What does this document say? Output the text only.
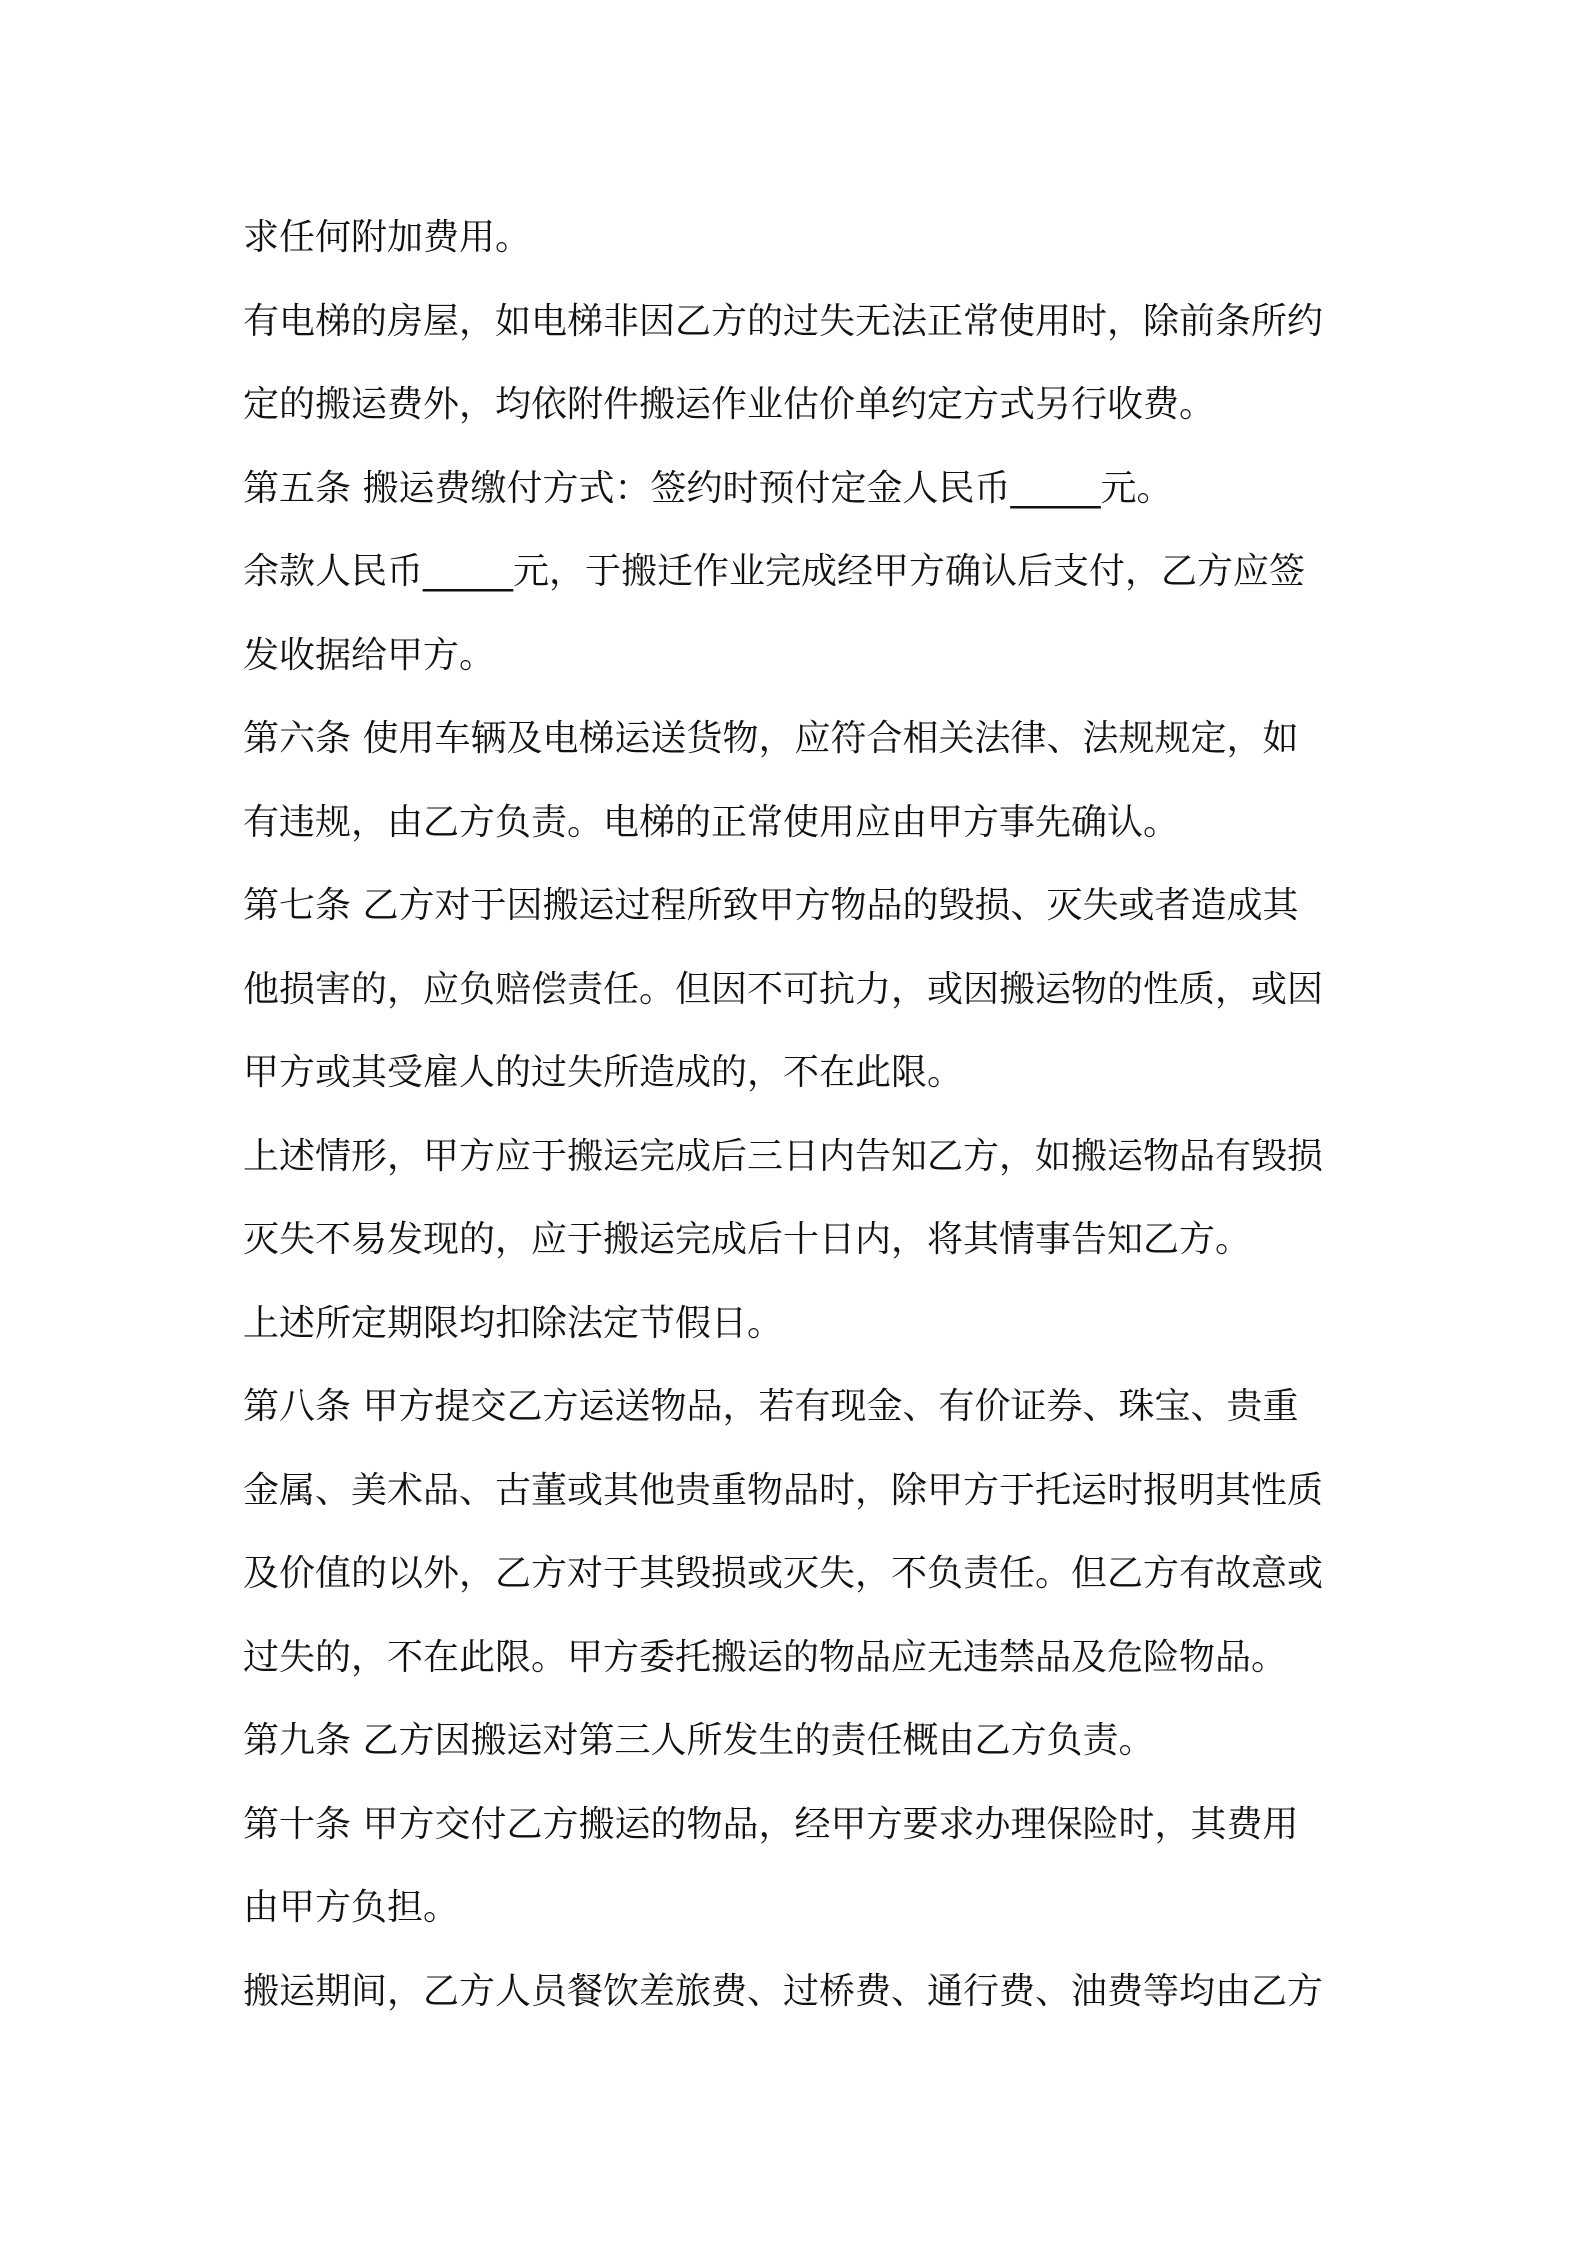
求任何附加费用。
有电梯的房屋，如电梯非因乙方的过失无法正常使用时，除前条所约
定的搬运费外，均依附件搬运作业估价单约定方式另行收费。
第五条 搬运费缴付方式：签约时预付定金人民币_____元。
余款人民币_____元，于搬迁作业完成经甲方确认后支付，乙方应签
发收据给甲方。
第六条 使用车辆及电梯运送货物，应符合相关法律、法规规定，如
有违规，由乙方负责。电梯的正常使用应由甲方事先确认。
第七条 乙方对于因搬运过程所致甲方物品的毁损、灭失或者造成其
他损害的，应负赔偿责任。但因不可抗力，或因搬运物的性质，或因
甲方或其受雇人的过失所造成的，不在此限。
上述情形，甲方应于搬运完成后三日内告知乙方，如搬运物品有毁损
灭失不易发现的，应于搬运完成后十日内，将其情事告知乙方。
上述所定期限均扣除法定节假日。
第八条 甲方提交乙方运送物品，若有现金、有价证券、珠宝、贵重
金属、美术品、古董或其他贵重物品时，除甲方于托运时报明其性质
及价值的以外，乙方对于其毁损或灭失，不负责任。但乙方有故意或
过失的，不在此限。甲方委托搬运的物品应无违禁品及危险物品。
第九条 乙方因搬运对第三人所发生的责任概由乙方负责。
第十条 甲方交付乙方搬运的物品，经甲方要求办理保险时，其费用
由甲方负担。
搬运期间，乙方人员餐饮差旅费、过桥费、通行费、油费等均由乙方
